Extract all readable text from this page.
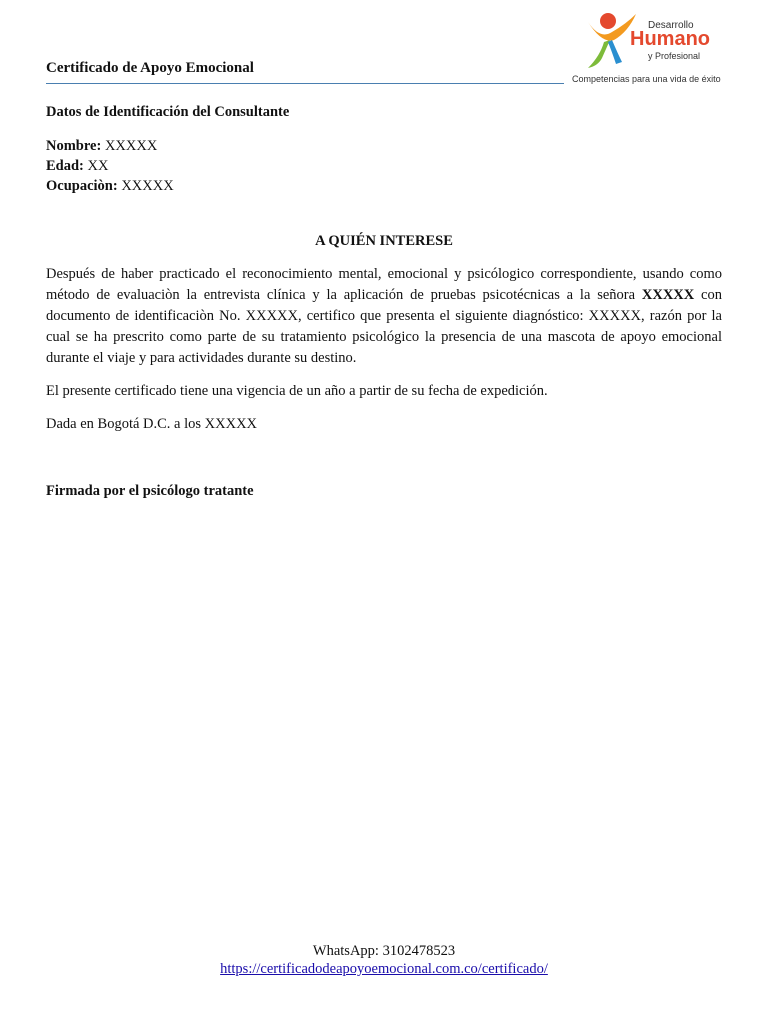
Certificado de Apoyo Emocional
Desarrollo
Humano
y Profesional
Competencias para una vida de éxito
Datos de Identificación del Consultante
Nombre: XXXXX
Edad: XX
Ocupaciòn: XXXXX
A QUIÉN INTERESE
Después de haber practicado el reconocimiento mental, emocional y psicólogico correspondiente, usando como método de evaluaciòn la entrevista clínica y la aplicación de pruebas psicotécnicas a la señora XXXXX con documento de identificaciòn No. XXXXX, certifico que presenta el siguiente diagnóstico: XXXXX, razón por la cual se ha prescrito como parte de su tratamiento psicológico la presencia de una mascota de apoyo emocional durante el viaje y para actividades durante su destino.
El presente certificado tiene una vigencia de un año a partir de su fecha de expedición.
Dada en Bogotá D.C. a los XXXXX
Firmada por el psicólogo tratante
WhatsApp: 3102478523
https://certificadodeapoyoemocional.com.co/certificado/
